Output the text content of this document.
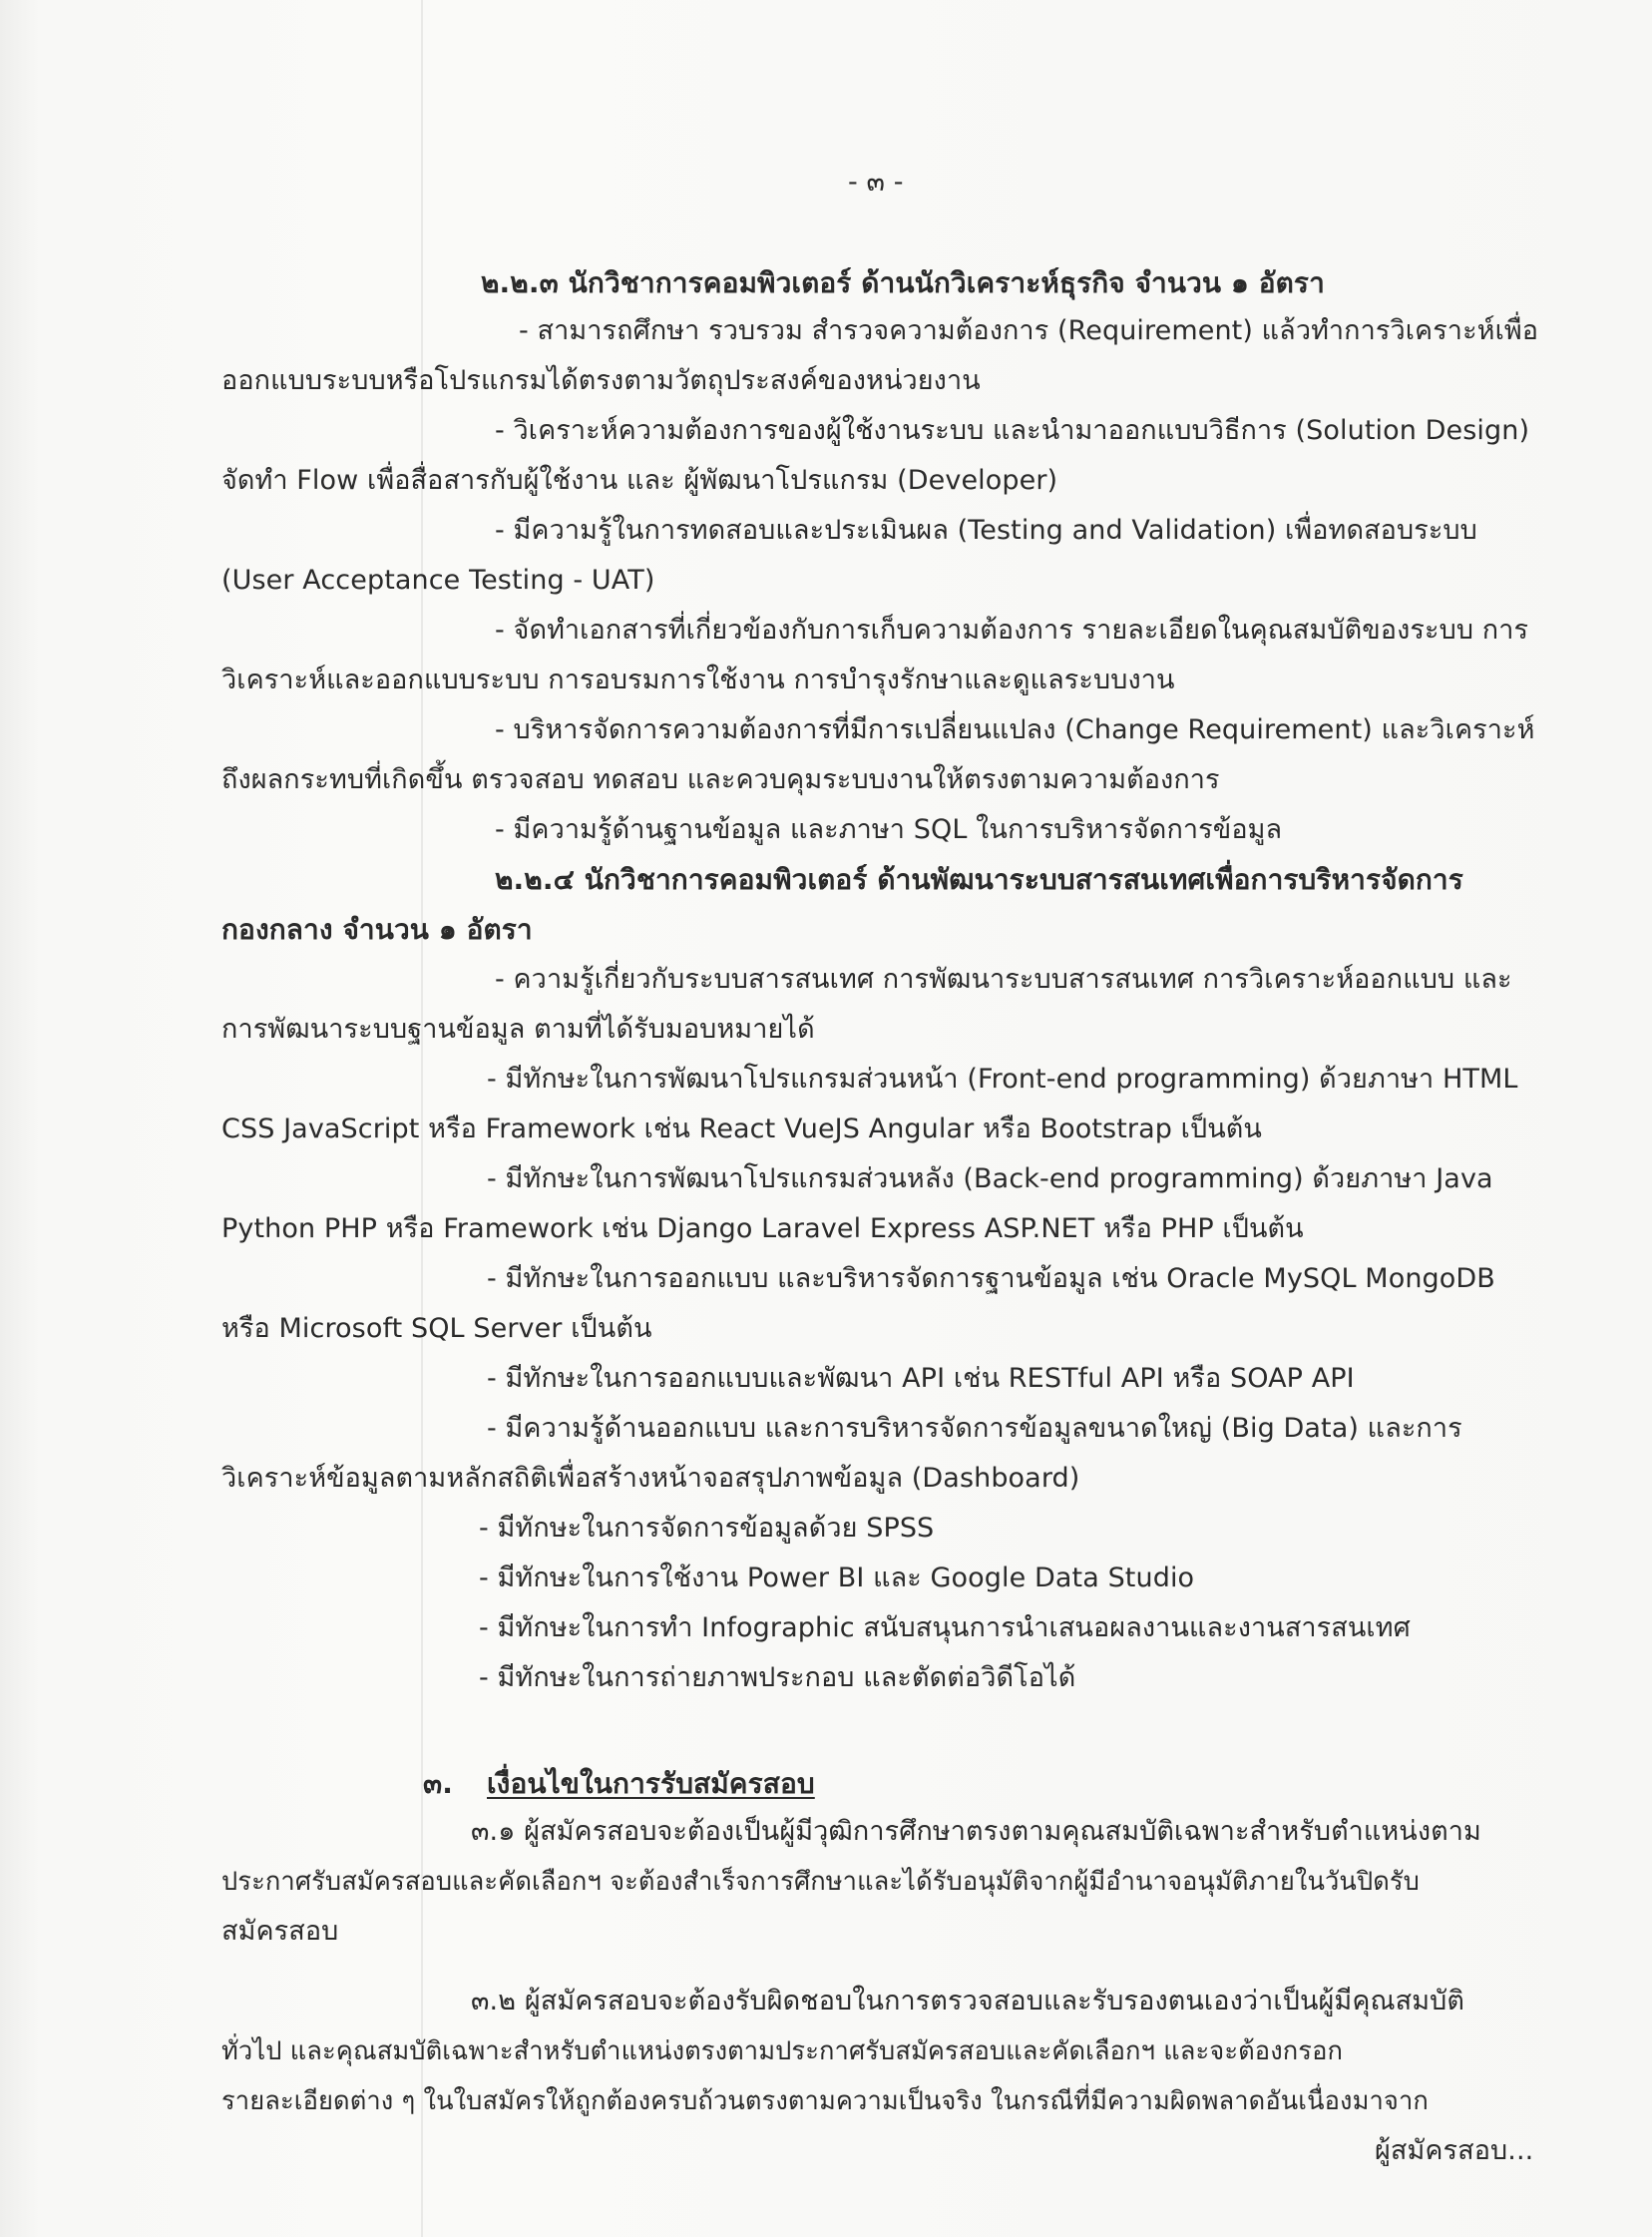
- ๓ -
๒.๒.๓ นักวิชาการคอมพิวเตอร์ ด้านนักวิเคราะห์ธุรกิจ จำนวน ๑ อัตรา
- สามารถศึกษา รวบรวม สำรวจความต้องการ (Requirement) แล้วทำการวิเคราะห์เพื่อ
ออกแบบระบบหรือโปรแกรมได้ตรงตามวัตถุประสงค์ของหน่วยงาน
- วิเคราะห์ความต้องการของผู้ใช้งานระบบ และนำมาออกแบบวิธีการ (Solution Design)
จัดทำ Flow เพื่อสื่อสารกับผู้ใช้งาน และ ผู้พัฒนาโปรแกรม (Developer)
- มีความรู้ในการทดสอบและประเมินผล (Testing and Validation) เพื่อทดสอบระบบ
(User Acceptance Testing - UAT)
- จัดทำเอกสารที่เกี่ยวข้องกับการเก็บความต้องการ รายละเอียดในคุณสมบัติของระบบ การ
วิเคราะห์และออกแบบระบบ การอบรมการใช้งาน การบำรุงรักษาและดูแลระบบงาน
- บริหารจัดการความต้องการที่มีการเปลี่ยนแปลง (Change Requirement) และวิเคราะห์
ถึงผลกระทบที่เกิดขึ้น ตรวจสอบ ทดสอบ และควบคุมระบบงานให้ตรงตามความต้องการ
- มีความรู้ด้านฐานข้อมูล และภาษา SQL ในการบริหารจัดการข้อมูล
๒.๒.๔ นักวิชาการคอมพิวเตอร์ ด้านพัฒนาระบบสารสนเทศเพื่อการบริหารจัดการ
กองกลาง จำนวน ๑ อัตรา
- ความรู้เกี่ยวกับระบบสารสนเทศ การพัฒนาระบบสารสนเทศ การวิเคราะห์ออกแบบ และ
การพัฒนาระบบฐานข้อมูล ตามที่ได้รับมอบหมายได้
- มีทักษะในการพัฒนาโปรแกรมส่วนหน้า (Front-end programming) ด้วยภาษา HTML
CSS JavaScript หรือ Framework เช่น React VueJS Angular หรือ Bootstrap เป็นต้น
- มีทักษะในการพัฒนาโปรแกรมส่วนหลัง (Back-end programming) ด้วยภาษา Java
Python PHP หรือ Framework เช่น Django Laravel Express ASP.NET หรือ PHP เป็นต้น
- มีทักษะในการออกแบบ และบริหารจัดการฐานข้อมูล เช่น Oracle MySQL MongoDB
หรือ Microsoft SQL Server เป็นต้น
- มีทักษะในการออกแบบและพัฒนา API เช่น RESTful API หรือ SOAP API
- มีความรู้ด้านออกแบบ และการบริหารจัดการข้อมูลขนาดใหญ่ (Big Data) และการ
วิเคราะห์ข้อมูลตามหลักสถิติเพื่อสร้างหน้าจอสรุปภาพข้อมูล (Dashboard)
- มีทักษะในการจัดการข้อมูลด้วย SPSS
- มีทักษะในการใช้งาน Power BI และ Google Data Studio
- มีทักษะในการทำ Infographic สนับสนุนการนำเสนอผลงานและงานสารสนเทศ
- มีทักษะในการถ่ายภาพประกอบ และตัดต่อวิดีโอได้
๓. เงื่อนไขในการรับสมัครสอบ
๓.๑ ผู้สมัครสอบจะต้องเป็นผู้มีวุฒิการศึกษาตรงตามคุณสมบัติเฉพาะสำหรับตำแหน่งตาม
ประกาศรับสมัครสอบและคัดเลือกฯ จะต้องสำเร็จการศึกษาและได้รับอนุมัติจากผู้มีอำนาจอนุมัติภายในวันปิดรับ
สมัครสอบ
๓.๒ ผู้สมัครสอบจะต้องรับผิดชอบในการตรวจสอบและรับรองตนเองว่าเป็นผู้มีคุณสมบัติ
ทั่วไป และคุณสมบัติเฉพาะสำหรับตำแหน่งตรงตามประกาศรับสมัครสอบและคัดเลือกฯ และจะต้องกรอก
รายละเอียดต่าง ๆ ในใบสมัครให้ถูกต้องครบถ้วนตรงตามความเป็นจริง ในกรณีที่มีความผิดพลาดอันเนื่องมาจาก
ผู้สมัครสอบ...
